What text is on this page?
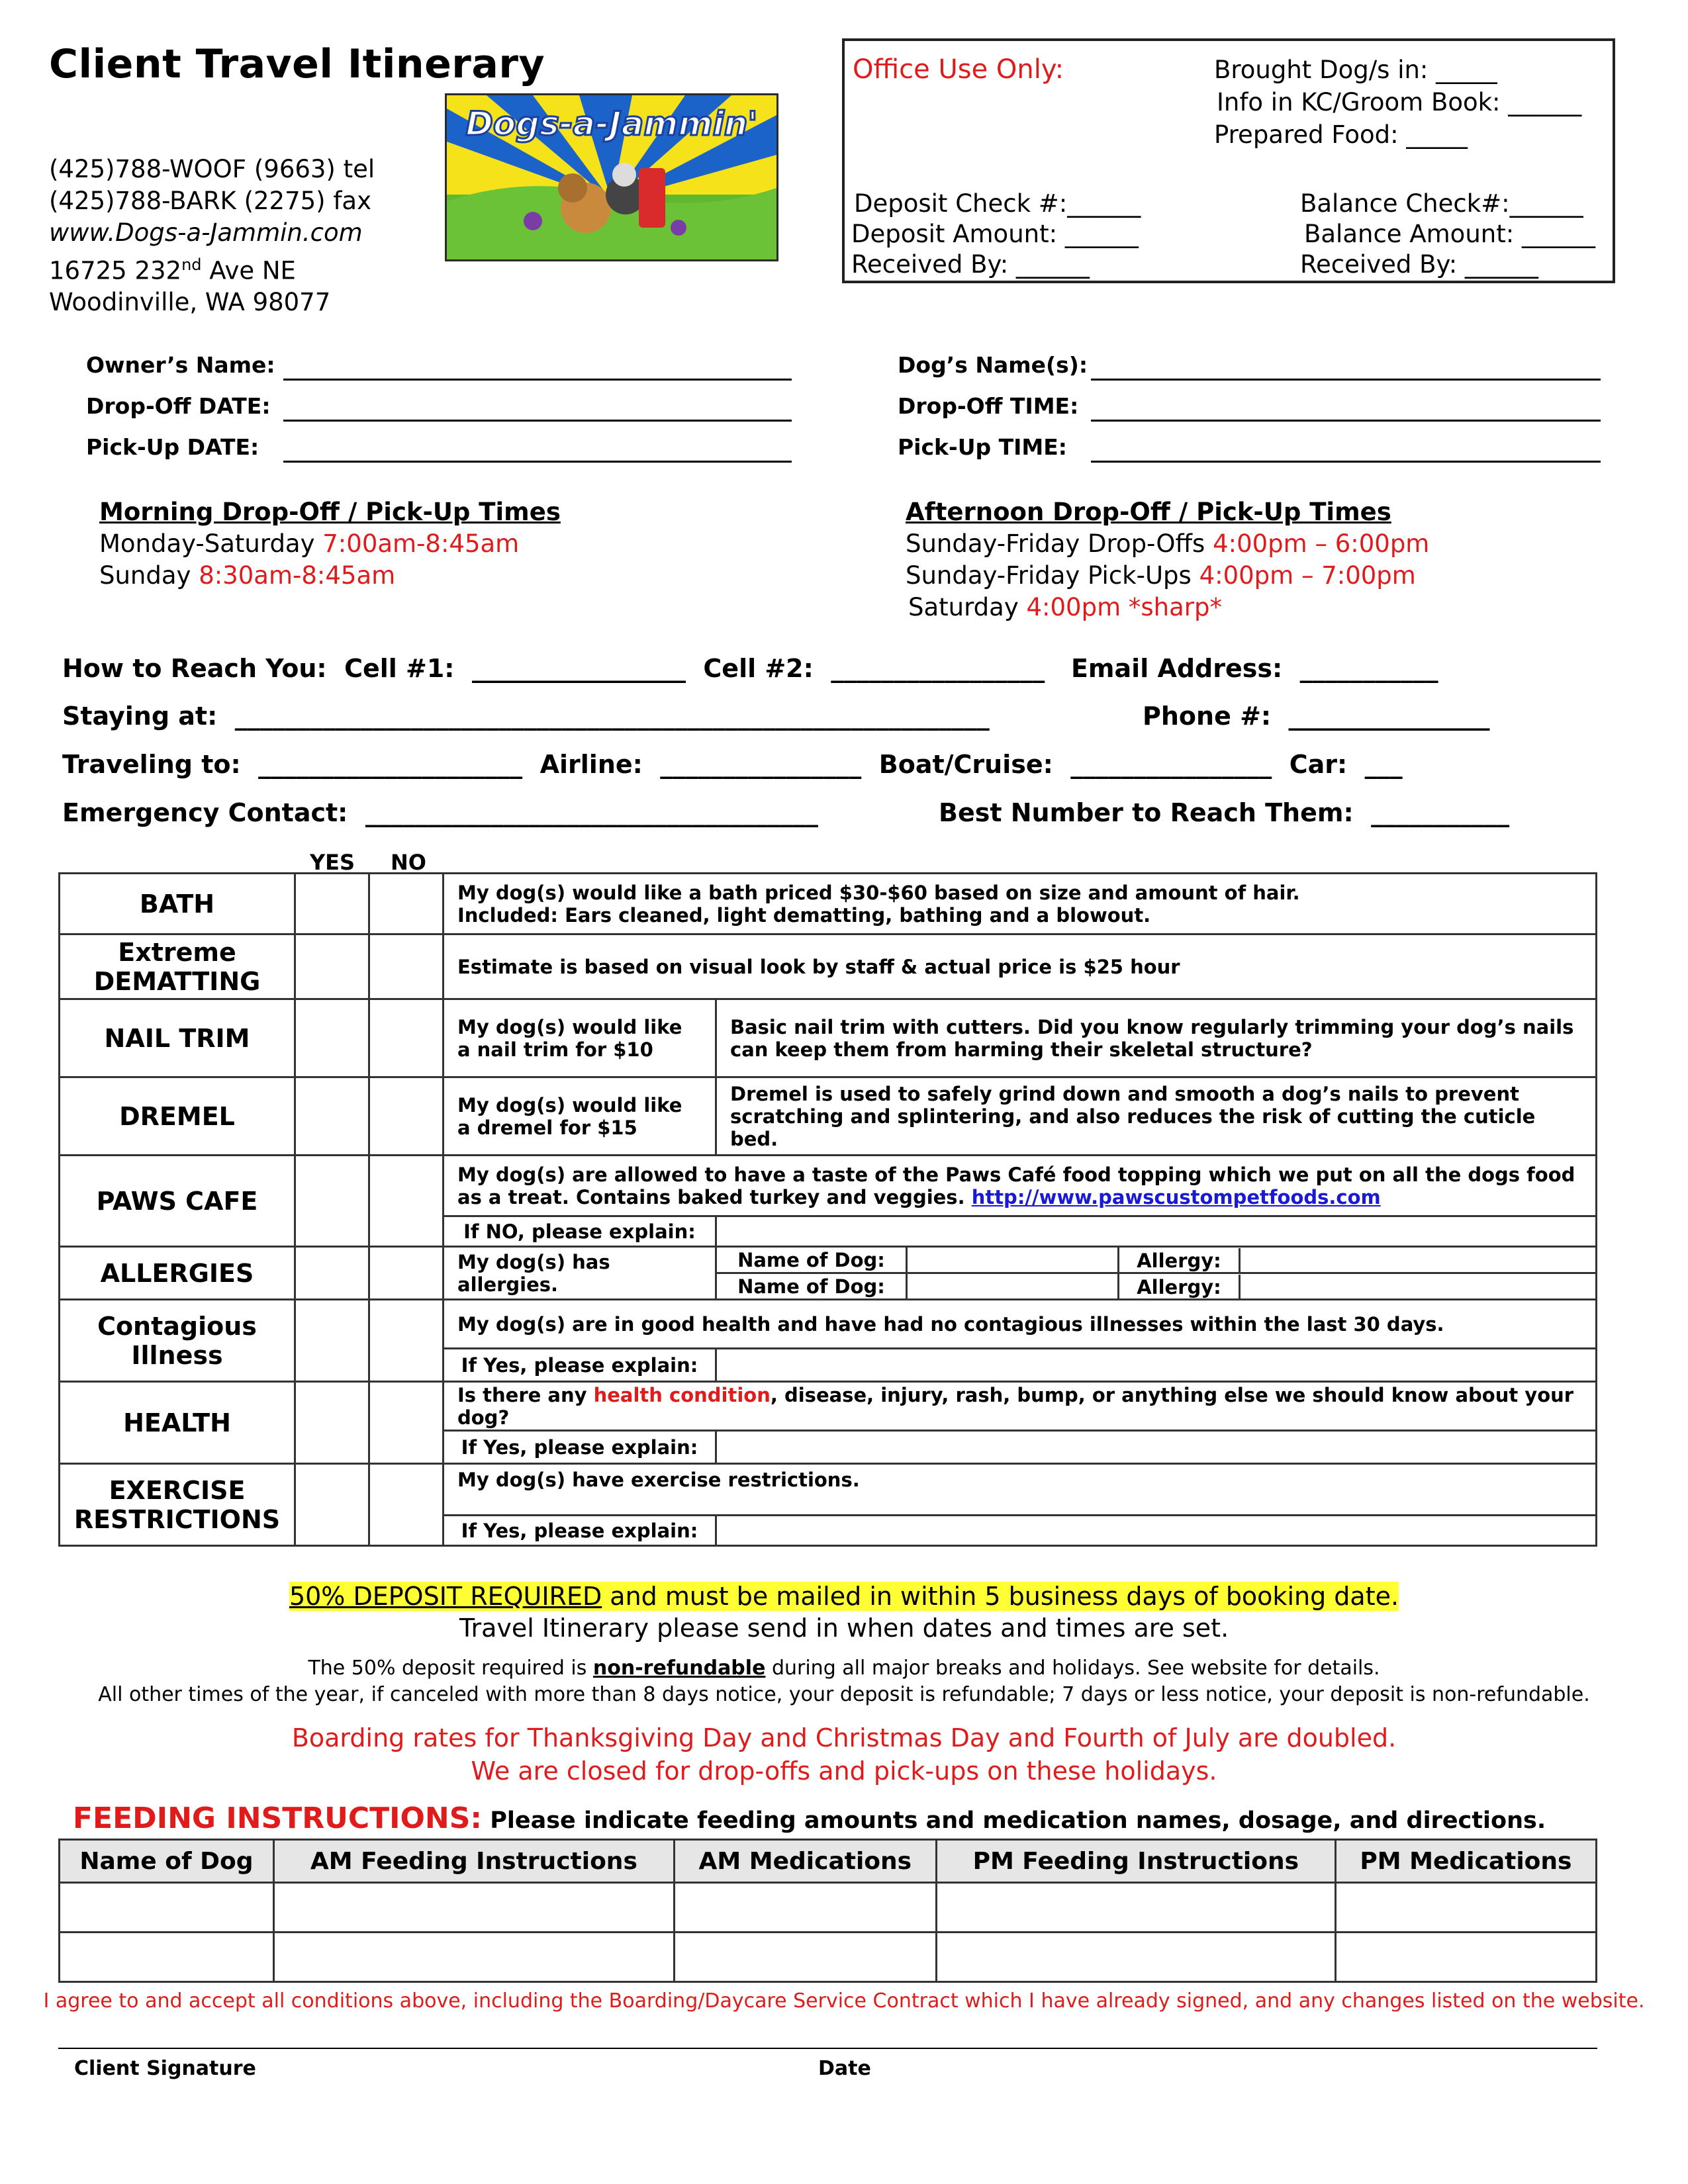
Client Travel Itinerary
(425)788-WOOF (9663) tel
(425)788-BARK (2275) fax
www.Dogs-a-Jammin.com
16725 232nd Ave NE
Woodinville, WA 98077
Dogs-a-Jammin'
Office Use Only:	Brought Dog/s in: _____
Info in KC/Groom Book: ______
Prepared Food: _____
Deposit Check #:______
Deposit Amount: ______
Received By: ______
Balance Check#:______
Balance Amount: ______
Received By: ______
Owner’s Name:
Drop-Off DATE:
Pick-Up DATE:
Dog’s Name(s):
Drop-Off TIME:
Pick-Up TIME:
Morning Drop-Off / Pick-Up Times
Monday-Saturday 7:00am-8:45am
Sunday 8:30am-8:45am
Afternoon Drop-Off / Pick-Up Times
Sunday-Friday Drop-Offs 4:00pm – 6:00pm
Sunday-Friday Pick-Ups 4:00pm – 7:00pm
Saturday 4:00pm *sharp*
How to Reach You:  Cell #1:  _________________  Cell #2:  _________________   Email Address:  ___________
Staying at:  ____________________________________________________________	Phone #:  ________________
Traveling to:  _____________________  Airline:  ________________  Boat/Cruise:  ________________  Car:  ___
Emergency Contact:  ____________________________________	Best Number to Reach Them:  ___________
YES NO
BATH			My dog(s) would like a bath priced $30-$60 based on size and amount of hair.
Included: Ears cleaned, light dematting, bathing and a blowout.			

Extreme
DEMATTING			Estimate is based on visual look by staff & actual price is $25 hour			
NAIL TRIM			My dog(s) would like a nail trim for $10	Basic nail trim with cutters. Did you know regularly trimming your dog’s nails can keep them from harming their skeletal structure?		
DREMEL			My dog(s) would like a dremel for $15	Dremel is used to safely grind down and smooth a dog’s nails to prevent scratching and splintering, and also reduces the risk of cutting the cuticle bed.		
PAWS CAFE			My dog(s) are allowed to have a taste of the Paws Café food topping which we put on all the dogs food as a treat. Contains baked turkey and veggies. http://www.pawscustompetfoods.com			
			If NO, please explain:			
ALLERGIES			My dog(s) has allergies.	Name of Dog:		Allergy:

				Name of Dog:		Allergy:

Contagious
Illness			My dog(s) are in good health and have had no contagious illnesses within the last 30 days.			
			If Yes, please explain:			
HEALTH			Is there any health condition, disease, injury, rash, bump, or anything else we should know about your dog?			
			If Yes, please explain:			

EXERCISE
RESTRICTIONS			My dog(s) have exercise restrictions.			
			If Yes, please explain:			
50% DEPOSIT REQUIRED and must be mailed in within 5 business days of booking date.
Travel Itinerary please send in when dates and times are set.
The 50% deposit required is non-refundable during all major breaks and holidays. See website for details.
All other times of the year, if canceled with more than 8 days notice, your deposit is refundable; 7 days or less notice, your deposit is non-refundable.
Boarding rates for Thanksgiving Day and Christmas Day and Fourth of July are doubled.
We are closed for drop-offs and pick-ups on these holidays.
FEEDING INSTRUCTIONS: Please indicate feeding amounts and medication names, dosage, and directions.
Name of Dog	AM Feeding Instructions	AM Medications	PM Feeding Instructions	PM Medications

I agree to and accept all conditions above, including the Boarding/Daycare Service Contract which I have already signed, and any changes listed on the website.
Client Signature	Date
